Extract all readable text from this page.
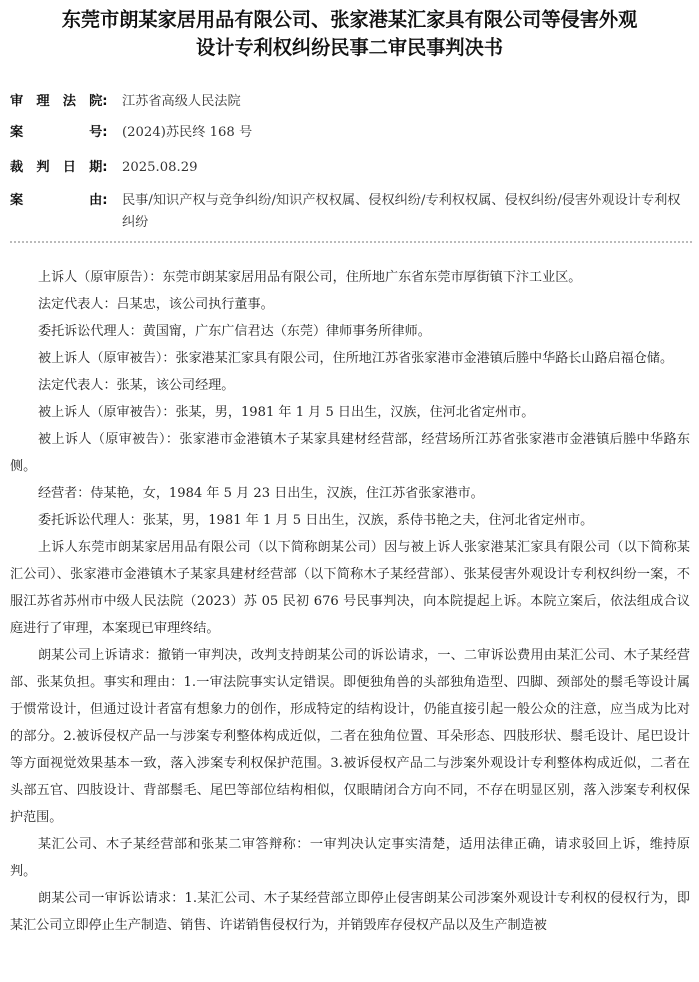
东莞市朗某家居用品有限公司、张家港某汇家具有限公司等侵害外观
设计专利权纠纷民事二审民事判决书
审　理　法　院:	江苏省高级人民法院
案　　　　　号:	(2024)苏民终 168 号
裁　判　日　期:	2025.08.29
案　　　　　由:	民事/知识产权与竞争纠纷/知识产权权属、侵权纠纷/专利权权属、侵权纠纷/侵害外观设计专利权纠纷

上诉人（原审原告）：东莞市朗某家居用品有限公司，住所地广东省东莞市厚街镇下汴工业区。

法定代表人：吕某忠，该公司执行董事。

委托诉讼代理人：黄国甯，广东广信君达（东莞）律师事务所律师。

被上诉人（原审被告）：张家港某汇家具有限公司，住所地江苏省张家港市金港镇后塍中华路长山路启福仓储。

法定代表人：张某，该公司经理。

被上诉人（原审被告）：张某，男，1981 年 1 月 5 日出生，汉族，住河北省定州市。

被上诉人（原审被告）：张家港市金港镇木子某家具建材经营部，经营场所江苏省张家港市金港镇后塍中华路东侧。

经营者：侍某艳，女，1984 年 5 月 23 日出生，汉族，住江苏省张家港市。

委托诉讼代理人：张某，男，1981 年 1 月 5 日出生，汉族，系侍书艳之夫，住河北省定州市。

上诉人东莞市朗某家居用品有限公司（以下简称朗某公司）因与被上诉人张家港某汇家具有限公司（以下简称某汇公司）、张家港市金港镇木子某家具建材经营部（以下简称木子某经营部）、张某侵害外观设计专利权纠纷一案，不服江苏省苏州市中级人民法院（2023）苏 05 民初 676 号民事判决，向本院提起上诉。本院立案后，依法组成合议庭进行了审理，本案现已审理终结。

朗某公司上诉请求：撤销一审判决，改判支持朗某公司的诉讼请求，一、二审诉讼费用由某汇公司、木子某经营部、张某负担。事实和理由：1.一审法院事实认定错误。即便独角兽的头部独角造型、四脚、颈部处的鬃毛等设计属于惯常设计，但通过设计者富有想象力的创作，形成特定的结构设计，仍能直接引起一般公众的注意，应当成为比对的部分。2.被诉侵权产品一与涉案专利整体构成近似，二者在独角位置、耳朵形态、四肢形状、鬃毛设计、尾巴设计等方面视觉效果基本一致，落入涉案专利权保护范围。3.被诉侵权产品二与涉案外观设计专利整体构成近似，二者在头部五官、四肢设计、背部鬃毛、尾巴等部位结构相似，仅眼睛闭合方向不同，不存在明显区别，落入涉案专利权保护范围。

某汇公司、木子某经营部和张某二审答辩称：一审判决认定事实清楚，适用法律正确，请求驳回上诉，维持原判。

朗某公司一审诉讼请求：1.某汇公司、木子某经营部立即停止侵害朗某公司涉案外观设计专利权的侵权行为，即某汇公司立即停止生产制造、销售、许诺销售侵权行为，并销毁库存侵权产品以及生产制造被
